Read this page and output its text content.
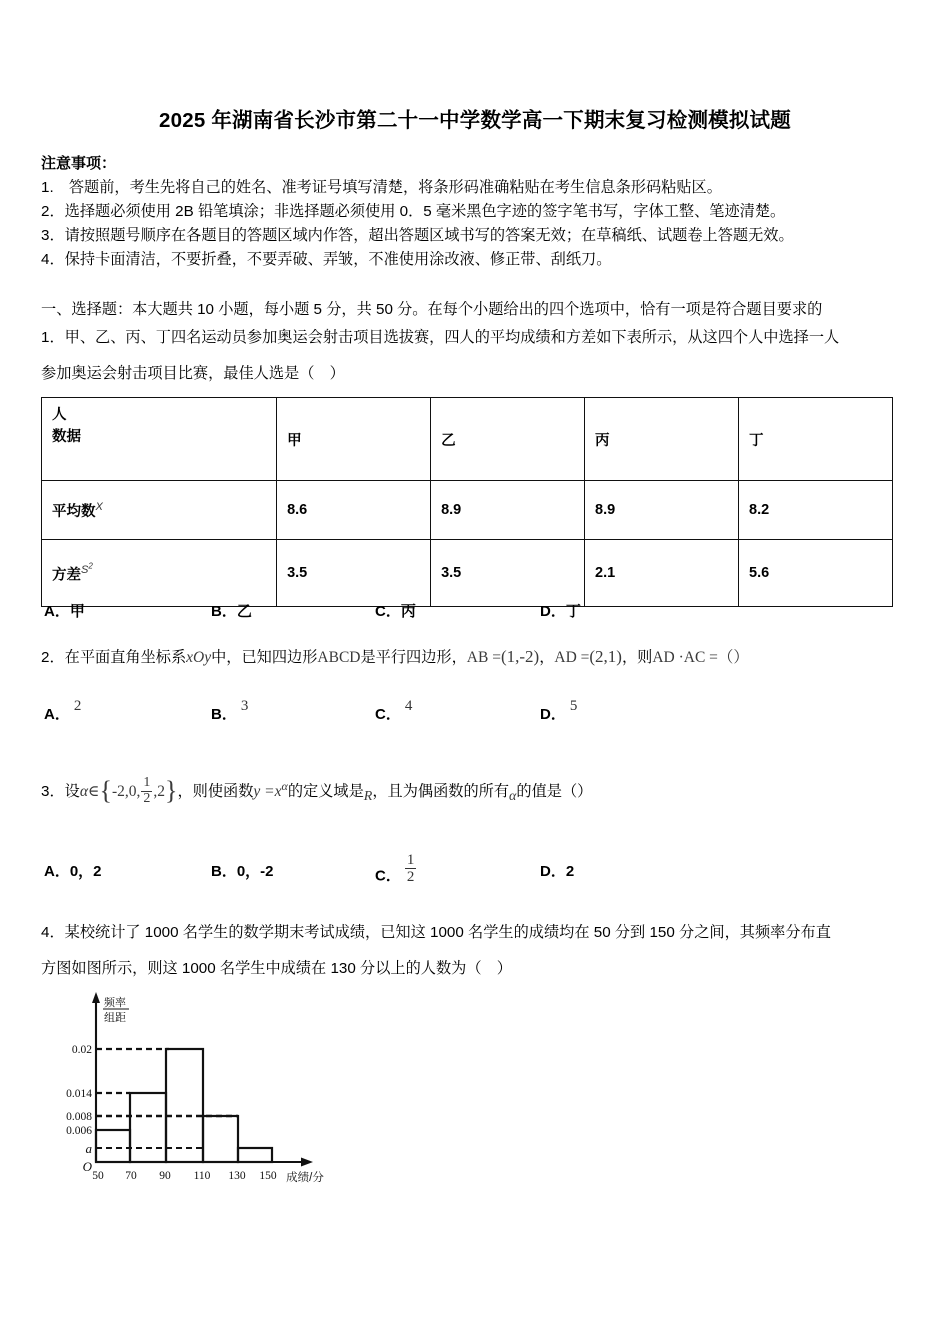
2025 年湖南省长沙市第二十一中学数学高一下期末复习检测模拟试题
注意事项：
1.　答题前，考生先将自己的姓名、准考证号填写清楚，将条形码准确粘贴在考生信息条形码粘贴区。
2．选择题必须使用 2B 铅笔填涂；非选择题必须使用 0．5 毫米黑色字迹的签字笔书写，字体工整、笔迹清楚。
3．请按照题号顺序在各题目的答题区域内作答，超出答题区域书写的答案无效；在草稿纸、试题卷上答题无效。
4．保持卡面清洁，不要折叠，不要弄破、弄皱，不准使用涂改液、修正带、刮纸刀。
一、选择题：本大题共 10 小题，每小题 5 分，共 50 分。在每个小题给出的四个选项中，恰有一项是符合题目要求的
1．甲、乙、丙、丁四名运动员参加奥运会射击项目选拔赛，四人的平均成绩和方差如下表所示，从这四个人中选择一人
参加奥运会射击项目比赛，最佳人选是（　）
人
数据	甲	乙	丙	丁
平均数$^X$	8.6	8.9	8.9	8.2
方差$^{S^2}$	3.5	3.5	2.1	5.6
A．甲	B．乙	C．丙	D．丁
2．在平面直角坐标系xOy中，已知四边形ABCD是平行四边形，AB =(1,-2)，AD =(2,1)，则AD ·AC =（）
A． 2	B． 3	C． 4	D． 5
3．设α∈{-2,0, $\frac{1}{2} ,2$}，则使函数$y =x^\alpha$的定义域是R，且为偶函数的所有α的值是（）
A．0，2	B．0，-2	C． $\frac{1}{2}$	D．2
4．某校统计了 1000 名学生的数学期末考试成绩，已知这 1000 名学生的成绩均在 50 分到 150 分之间，其频率分布直
方图如图所示，则这 1000 名学生中成绩在 130 分以上的人数为（　）
0.02
0.014
0.008
0.006
a
O
50 70 90 110 130 150 成绩/分
频率
组距
